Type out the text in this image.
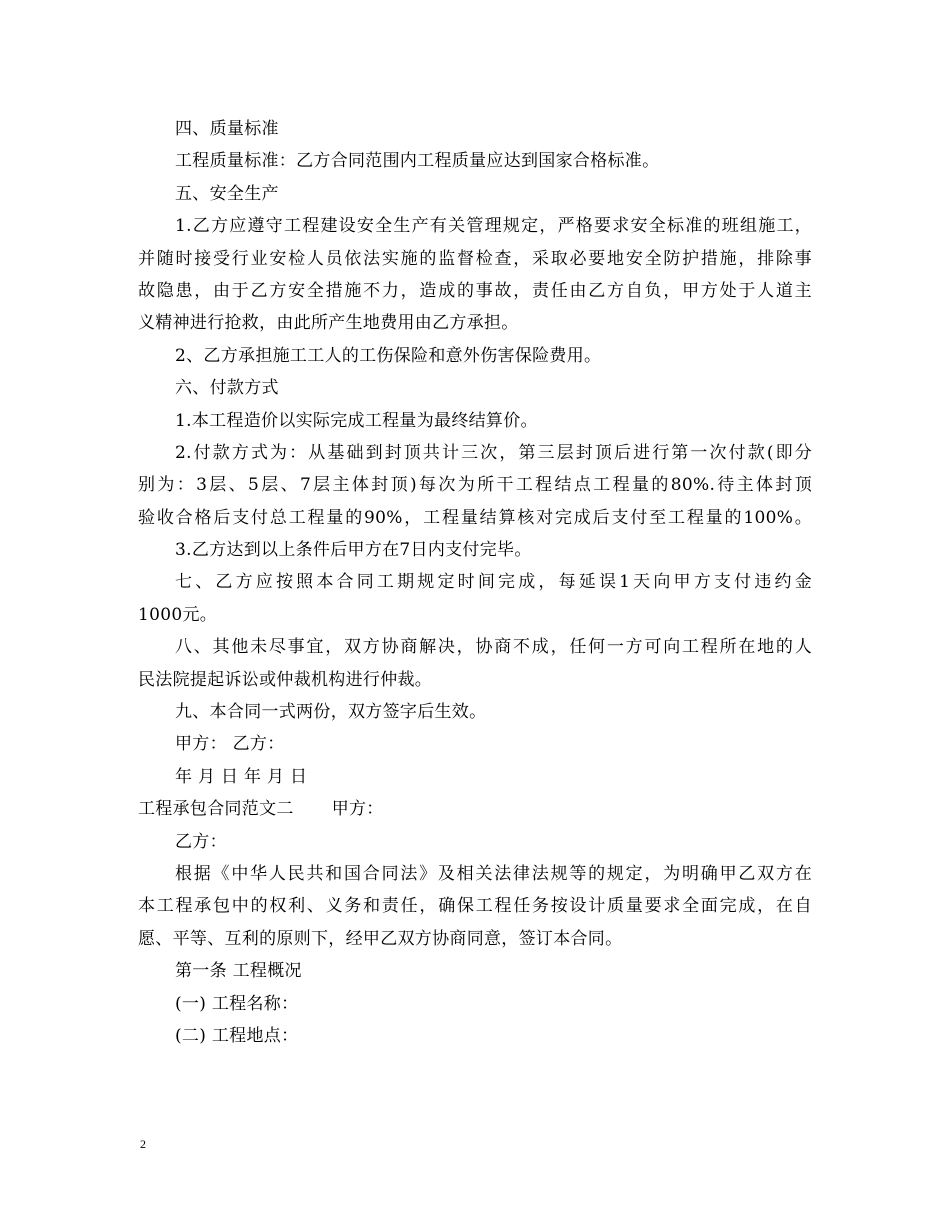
四、质量标准
工程质量标准：乙方合同范围内工程质量应达到国家合格标准。
五、安全生产
1.乙方应遵守工程建设安全生产有关管理规定，严格要求安全标准的班组施工，
并随时接受行业安检人员依法实施的监督检查，采取必要地安全防护措施，排除事
故隐患，由于乙方安全措施不力，造成的事故，责任由乙方自负，甲方处于人道主
义精神进行抢救，由此所产生地费用由乙方承担。
2、乙方承担施工工人的工伤保险和意外伤害保险费用。
六、付款方式
1.本工程造价以实际完成工程量为最终结算价。
2.付款方式为：从基础到封顶共计三次，第三层封顶后进行第一次付款(即分
别为：3层、5层、7层主体封顶)每次为所干工程结点工程量的80%.待主体封顶
验收合格后支付总工程量的90%，工程量结算核对完成后支付至工程量的100%。
3.乙方达到以上条件后甲方在7日内支付完毕。
七、乙方应按照本合同工期规定时间完成，每延误1天向甲方支付违约金
1000元。
八、其他未尽事宜，双方协商解决，协商不成，任何一方可向工程所在地的人
民法院提起诉讼或仲裁机构进行仲裁。
九、本合同一式两份，双方签字后生效。
甲方： 乙方：
年 月 日 年 月 日
工程承包合同范文二 甲方：
乙方：
根据《中华人民共和国合同法》及相关法律法规等的规定，为明确甲乙双方在
本工程承包中的权利、义务和责任，确保工程任务按设计质量要求全面完成，在自
愿、平等、互利的原则下，经甲乙双方协商同意，签订本合同。
第一条 工程概况
(一) 工程名称：
(二) 工程地点：
2
